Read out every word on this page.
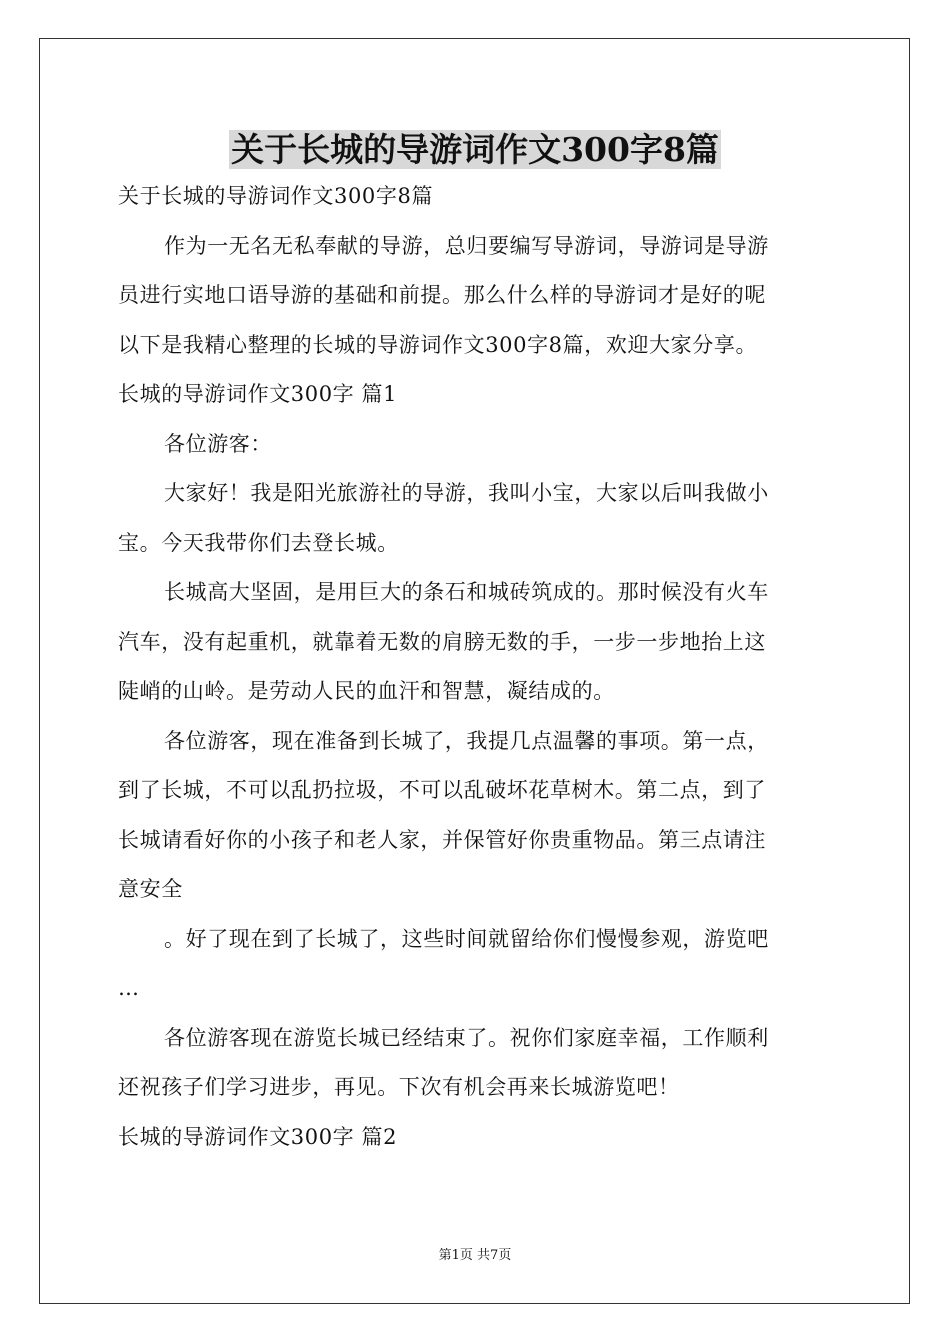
关于长城的导游词作文300字8篇
关于长城的导游词作文300字8篇
作为一无名无私奉献的导游，总归要编写导游词，导游词是导游
员进行实地口语导游的基础和前提。那么什么样的导游词才是好的呢
以下是我精心整理的长城的导游词作文300字8篇，欢迎大家分享。
长城的导游词作文300字 篇1
各位游客：
大家好！我是阳光旅游社的导游，我叫小宝，大家以后叫我做小
宝。今天我带你们去登长城。
长城高大坚固，是用巨大的条石和城砖筑成的。那时候没有火车
汽车，没有起重机，就靠着无数的肩膀无数的手，一步一步地抬上这
陡峭的山岭。是劳动人民的血汗和智慧，凝结成的。
各位游客，现在准备到长城了，我提几点温馨的事项。第一点，
到了长城，不可以乱扔拉圾，不可以乱破坏花草树木。第二点，到了
长城请看好你的小孩子和老人家，并保管好你贵重物品。第三点请注
意安全
。好了现在到了长城了，这些时间就留给你们慢慢参观，游览吧
…
各位游客现在游览长城已经结束了。祝你们家庭幸福，工作顺利
还祝孩子们学习进步，再见。下次有机会再来长城游览吧！
长城的导游词作文300字 篇2
第1页 共7页
